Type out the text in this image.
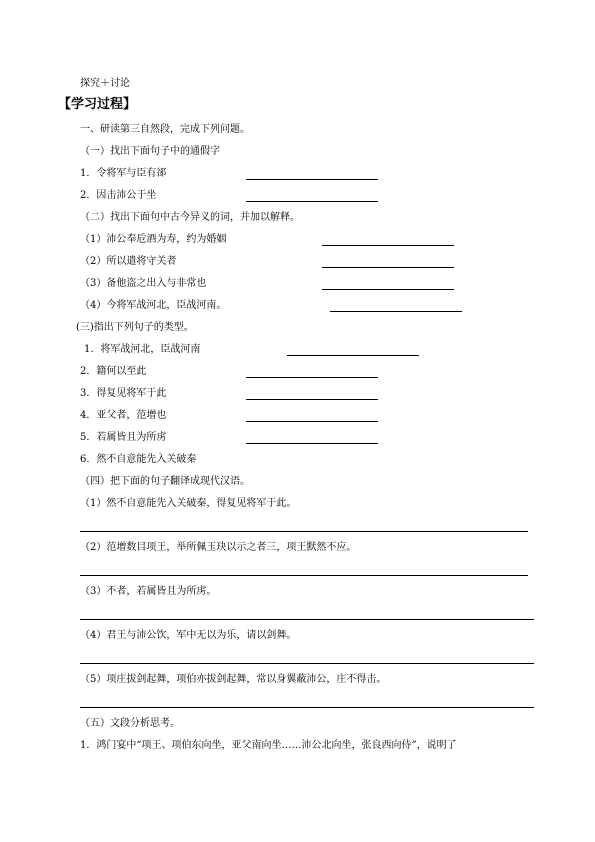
探究＋讨论
【学习过程】
一、研读第三自然段，完成下列问题。
（一）找出下面句子中的通假字
1．令将军与臣有郤
2．因击沛公于坐
（二）找出下面句中古今异义的词，并加以解释。
（1）沛公奉卮酒为寿，约为婚姻
（2）所以遣将守关者
（3）备他盗之出入与非常也
（4）今将军战河北，臣战河南。
(三)指出下列句子的类型。
1．将军战河北，臣战河南
2．籍何以至此
3．得复见将军于此
4．亚父者，范增也
5．若属皆且为所虏
6．然不自意能先入关破秦
（四）把下面的句子翻译成现代汉语。
（1）然不自意能先入关破秦，得复见将军于此。
（2）范增数目项王，举所佩玉玦以示之者三，项王默然不应。
（3）不者，若属皆且为所虏。
（4）君王与沛公饮，军中无以为乐，请以剑舞。
（5）项庄拔剑起舞，项伯亦拔剑起舞，常以身翼蔽沛公，庄不得击。
（五）文段分析思考。
1．鸿门宴中“项王、项伯东向坐，亚父南向坐……沛公北向坐，张良西向侍”，说明了
